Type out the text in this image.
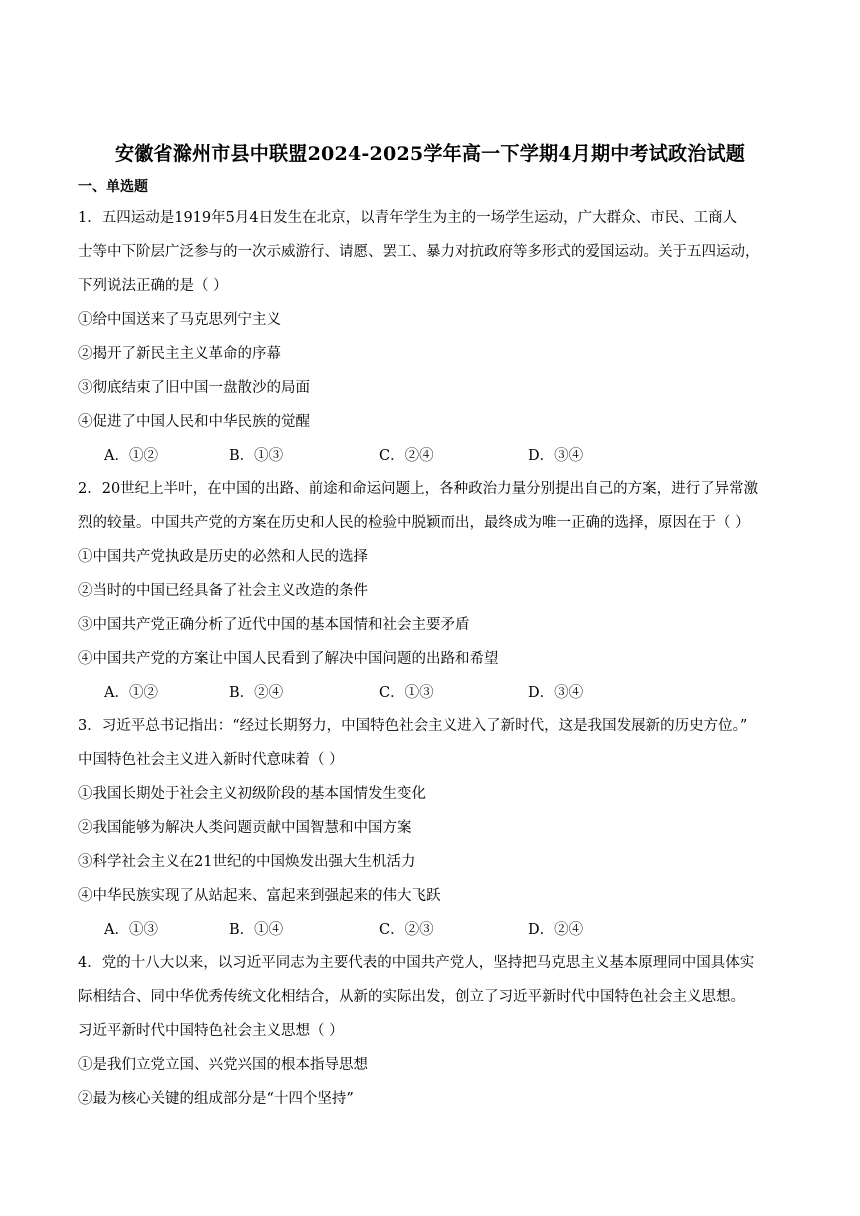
安徽省滁州市县中联盟2024-2025学年高一下学期4月期中考试政治试题
一、单选题
1．五四运动是1919年5月4日发生在北京，以青年学生为主的一场学生运动，广大群众、市民、工商人
士等中下阶层广泛参与的一次示威游行、请愿、罢工、暴力对抗政府等多形式的爱国运动。关于五四运动，
下列说法正确的是（ ）
①给中国送来了马克思列宁主义
②揭开了新民主主义革命的序幕
③彻底结束了旧中国一盘散沙的局面
④促进了中国人民和中华民族的觉醒
A．①②	B．①③	C．②④	D．③④
2．20世纪上半叶，在中国的出路、前途和命运问题上，各种政治力量分别提出自己的方案，进行了异常激
烈的较量。中国共产党的方案在历史和人民的检验中脱颖而出，最终成为唯一正确的选择，原因在于（ ）
①中国共产党执政是历史的必然和人民的选择
②当时的中国已经具备了社会主义改造的条件
③中国共产党正确分析了近代中国的基本国情和社会主要矛盾
④中国共产党的方案让中国人民看到了解决中国问题的出路和希望
A．①②	B．②④	C．①③	D．③④
3．习近平总书记指出：“经过长期努力，中国特色社会主义进入了新时代，这是我国发展新的历史方位。”
中国特色社会主义进入新时代意味着（ ）
①我国长期处于社会主义初级阶段的基本国情发生变化
②我国能够为解决人类问题贡献中国智慧和中国方案
③科学社会主义在21世纪的中国焕发出强大生机活力
④中华民族实现了从站起来、富起来到强起来的伟大飞跃
A．①③	B．①④	C．②③	D．②④
4．党的十八大以来，以习近平同志为主要代表的中国共产党人，坚持把马克思主义基本原理同中国具体实
际相结合、同中华优秀传统文化相结合，从新的实际出发，创立了习近平新时代中国特色社会主义思想。
习近平新时代中国特色社会主义思想（ ）
①是我们立党立国、兴党兴国的根本指导思想
②最为核心关键的组成部分是“十四个坚持”
